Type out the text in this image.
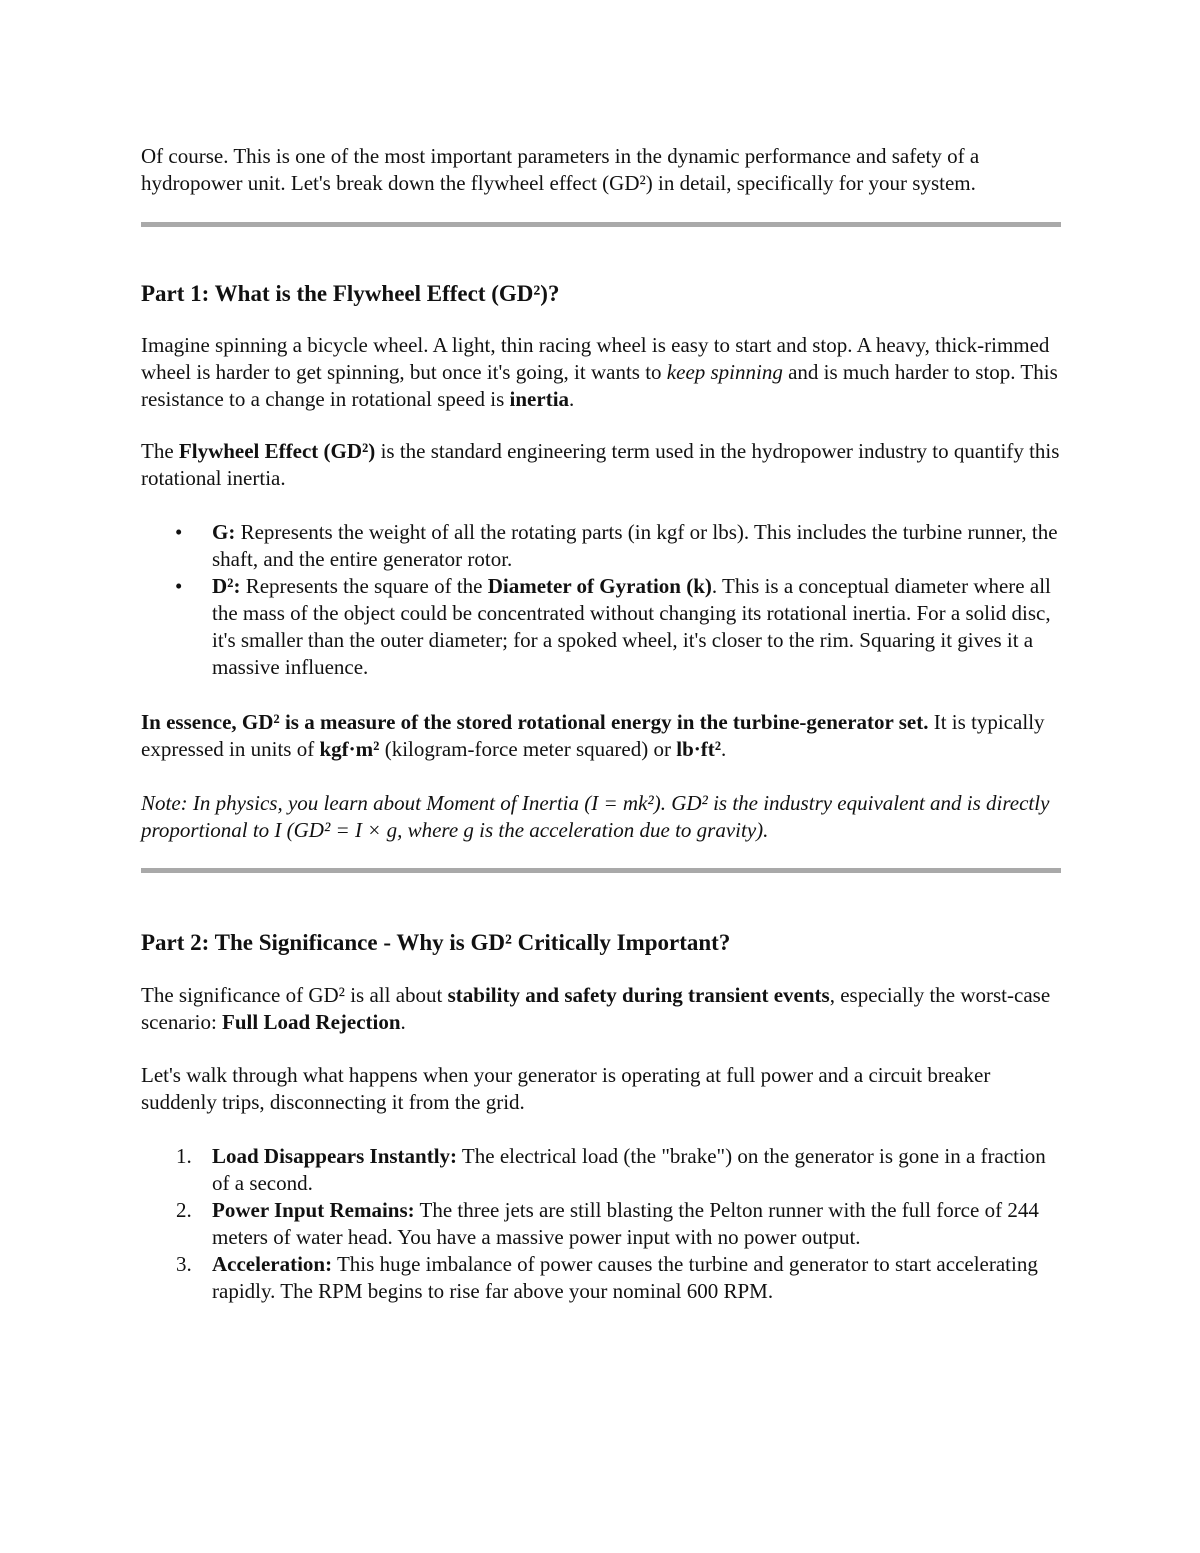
Of course. This is one of the most important parameters in the dynamic performance and safety of a hydropower unit. Let's break down the flywheel effect (GD²) in detail, specifically for your system.

Part 1: What is the Flywheel Effect (GD²)?

Imagine spinning a bicycle wheel. A light, thin racing wheel is easy to start and stop. A heavy, thick-rimmed wheel is harder to get spinning, but once it's going, it wants to keep spinning and is much harder to stop. This resistance to a change in rotational speed is inertia.

The Flywheel Effect (GD²) is the standard engineering term used in the hydropower industry to quantify this rotational inertia.

• G: Represents the weight of all the rotating parts (in kgf or lbs). This includes the turbine runner, the shaft, and the entire generator rotor.
• D²: Represents the square of the Diameter of Gyration (k). This is a conceptual diameter where all the mass of the object could be concentrated without changing its rotational inertia. For a solid disc, it's smaller than the outer diameter; for a spoked wheel, it's closer to the rim. Squaring it gives it a massive influence.

In essence, GD² is a measure of the stored rotational energy in the turbine-generator set. It is typically expressed in units of kgf·m² (kilogram-force meter squared) or lb·ft².

Note: In physics, you learn about Moment of Inertia (I = mk²). GD² is the industry equivalent and is directly proportional to I (GD² = I × g, where g is the acceleration due to gravity).

Part 2: The Significance - Why is GD² Critically Important?

The significance of GD² is all about stability and safety during transient events, especially the worst-case scenario: Full Load Rejection.

Let's walk through what happens when your generator is operating at full power and a circuit breaker suddenly trips, disconnecting it from the grid.

1. Load Disappears Instantly: The electrical load (the "brake") on the generator is gone in a fraction of a second.
2. Power Input Remains: The three jets are still blasting the Pelton runner with the full force of 244 meters of water head. You have a massive power input with no power output.
3. Acceleration: This huge imbalance of power causes the turbine and generator to start accelerating rapidly. The RPM begins to rise far above your nominal 600 RPM.
